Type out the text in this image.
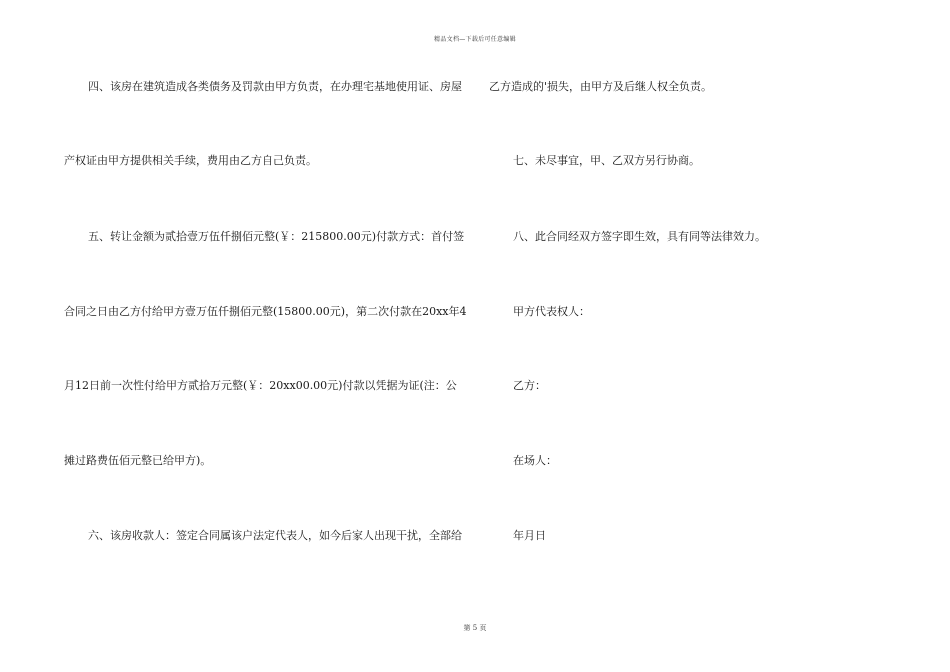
精品文档—下载后可任意编辑
四、该房在建筑造成各类债务及罚款由甲方负责，在办理宅基地使用证、房屋
产权证由甲方提供相关手续，费用由乙方自己负责。
五、转让金额为贰拾壹万伍仟捌佰元整(￥：215800.00元)付款方式：首付签
合同之日由乙方付给甲方壹万伍仟捌佰元整(15800.00元)，第二次付款在20xx年4
月12日前一次性付给甲方贰拾万元整(￥：20xx00.00元)付款以凭据为证(注：公
摊过路费伍佰元整已给甲方)。
六、该房收款人：签定合同属该户法定代表人，如今后家人出现干扰，全部给
乙方造成的'损失，由甲方及后继人权全负责。
七、未尽事宜，甲、乙双方另行协商。
八、此合同经双方签字即生效，具有同等法律效力。
甲方代表权人：
乙方：
在场人：
年月日
第 5 页
